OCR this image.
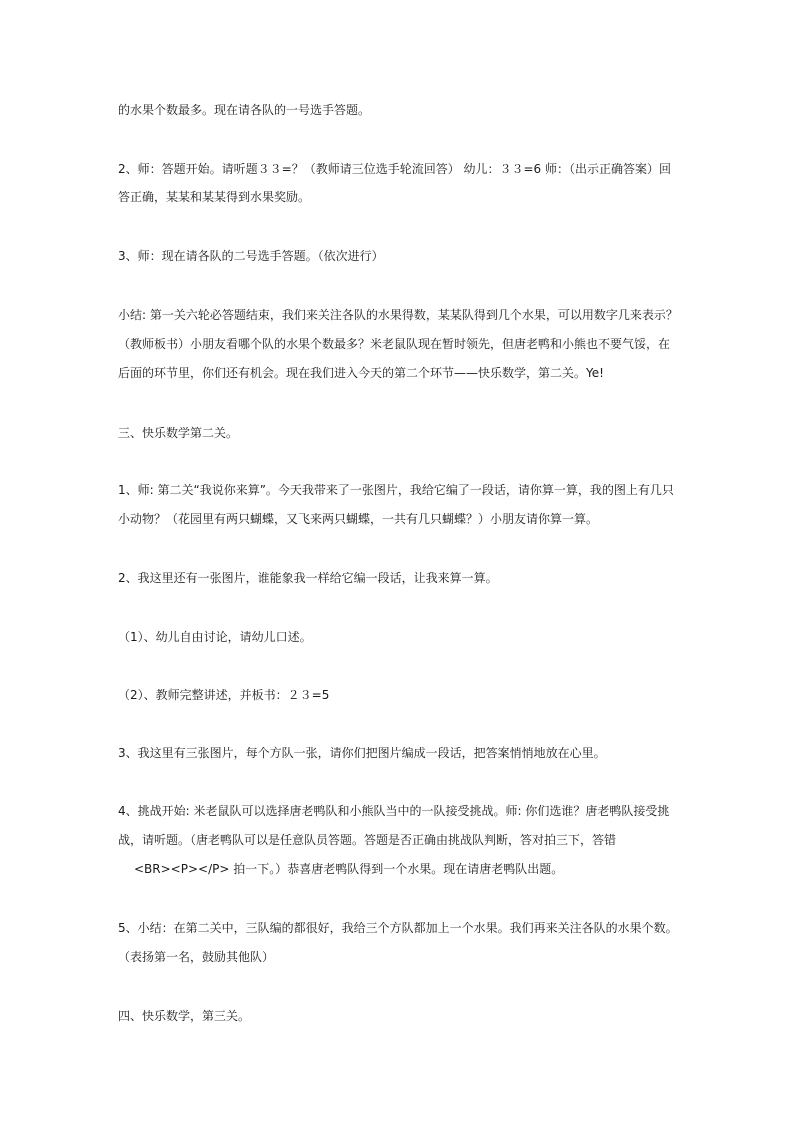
的水果个数最多。现在请各队的一号选手答题。
2、师：答题开始。请听题３３=？（教师请三位选手轮流回答） 幼儿：３３=6 师：（出示正确答案）回
答正确，某某和某某得到水果奖励。
3、师：现在请各队的二号选手答题。（依次进行）
小结: 第一关六轮必答题结束，我们来关注各队的水果得数，某某队得到几个水果，可以用数字几来表示？
（教师板书）小朋友看哪个队的水果个数最多？米老鼠队现在暂时领先，但唐老鸭和小熊也不要气馁，在
后面的环节里，你们还有机会。现在我们进入今天的第二个环节——快乐数学，第二关。Ye!
三、快乐数学第二关。
1、师: 第二关“我说你来算”。今天我带来了一张图片，我给它编了一段话，请你算一算，我的图上有几只
小动物？（花园里有两只蝴蝶，又飞来两只蝴蝶，一共有几只蝴蝶？）小朋友请你算一算。
2、我这里还有一张图片，谁能象我一样给它编一段话，让我来算一算。
（1）、幼儿自由讨论，请幼儿口述。
（2）、教师完整讲述，并板书：２３=5
3、我这里有三张图片，每个方队一张，请你们把图片编成一段话，把答案悄悄地放在心里。
4、挑战开始: 米老鼠队可以选择唐老鸭队和小熊队当中的一队接受挑战。师: 你们选谁？唐老鸭队接受挑
战，请听题。（唐老鸭队可以是任意队员答题。答题是否正确由挑战队判断，答对拍三下，答错
<BR><P></P> 拍一下。）恭喜唐老鸭队得到一个水果。现在请唐老鸭队出题。
5、小结：在第二关中，三队编的都很好，我给三个方队都加上一个水果。我们再来关注各队的水果个数。
（表扬第一名，鼓励其他队）
四、快乐数学，第三关。
